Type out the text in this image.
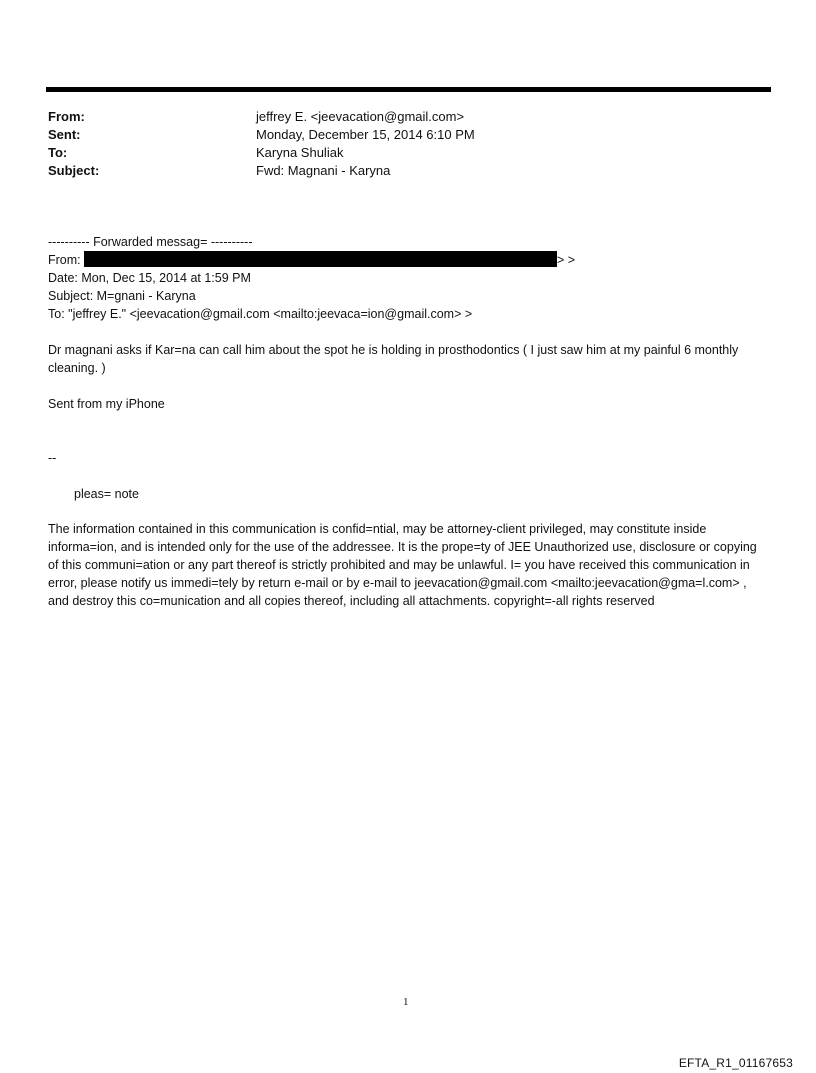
From:	jeffrey E. <jeevacation@gmail.com>
Sent:	Monday, December 15, 2014 6:10 PM
To:	Karyna Shuliak
Subject:	Fwd: Magnani - Karyna
---------- Forwarded messag= ----------
From:	> >
Date: Mon, Dec 15, 2014 at 1:59 PM
Subject: M=gnani - Karyna
To: "jeffrey E." <jeevacation@gmail.com <mailto:jeevaca=ion@gmail.com> >
Dr magnani asks if Kar=na can call him about the spot he is holding in prosthodontics ( I just saw him at my painful 6 monthly cleaning. )
Sent from my iPhone
--
pleas= note
The information contained in this communication is confid=ntial, may be attorney-client privileged, may constitute inside informa=ion, and is intended only for the use of the addressee. It is the prope=ty of JEE Unauthorized use, disclosure or copying of this communi=ation or any part thereof is strictly prohibited and may be unlawful. I= you have received this communication in error, please notify us immedi=tely by return e-mail or by e-mail to jeevacation@gmail.com <mailto:jeevacation@gma=l.com> , and destroy this co=munication and all copies thereof, including all attachments. copyright=-all rights reserved
1
EFTA_R1_01167653
